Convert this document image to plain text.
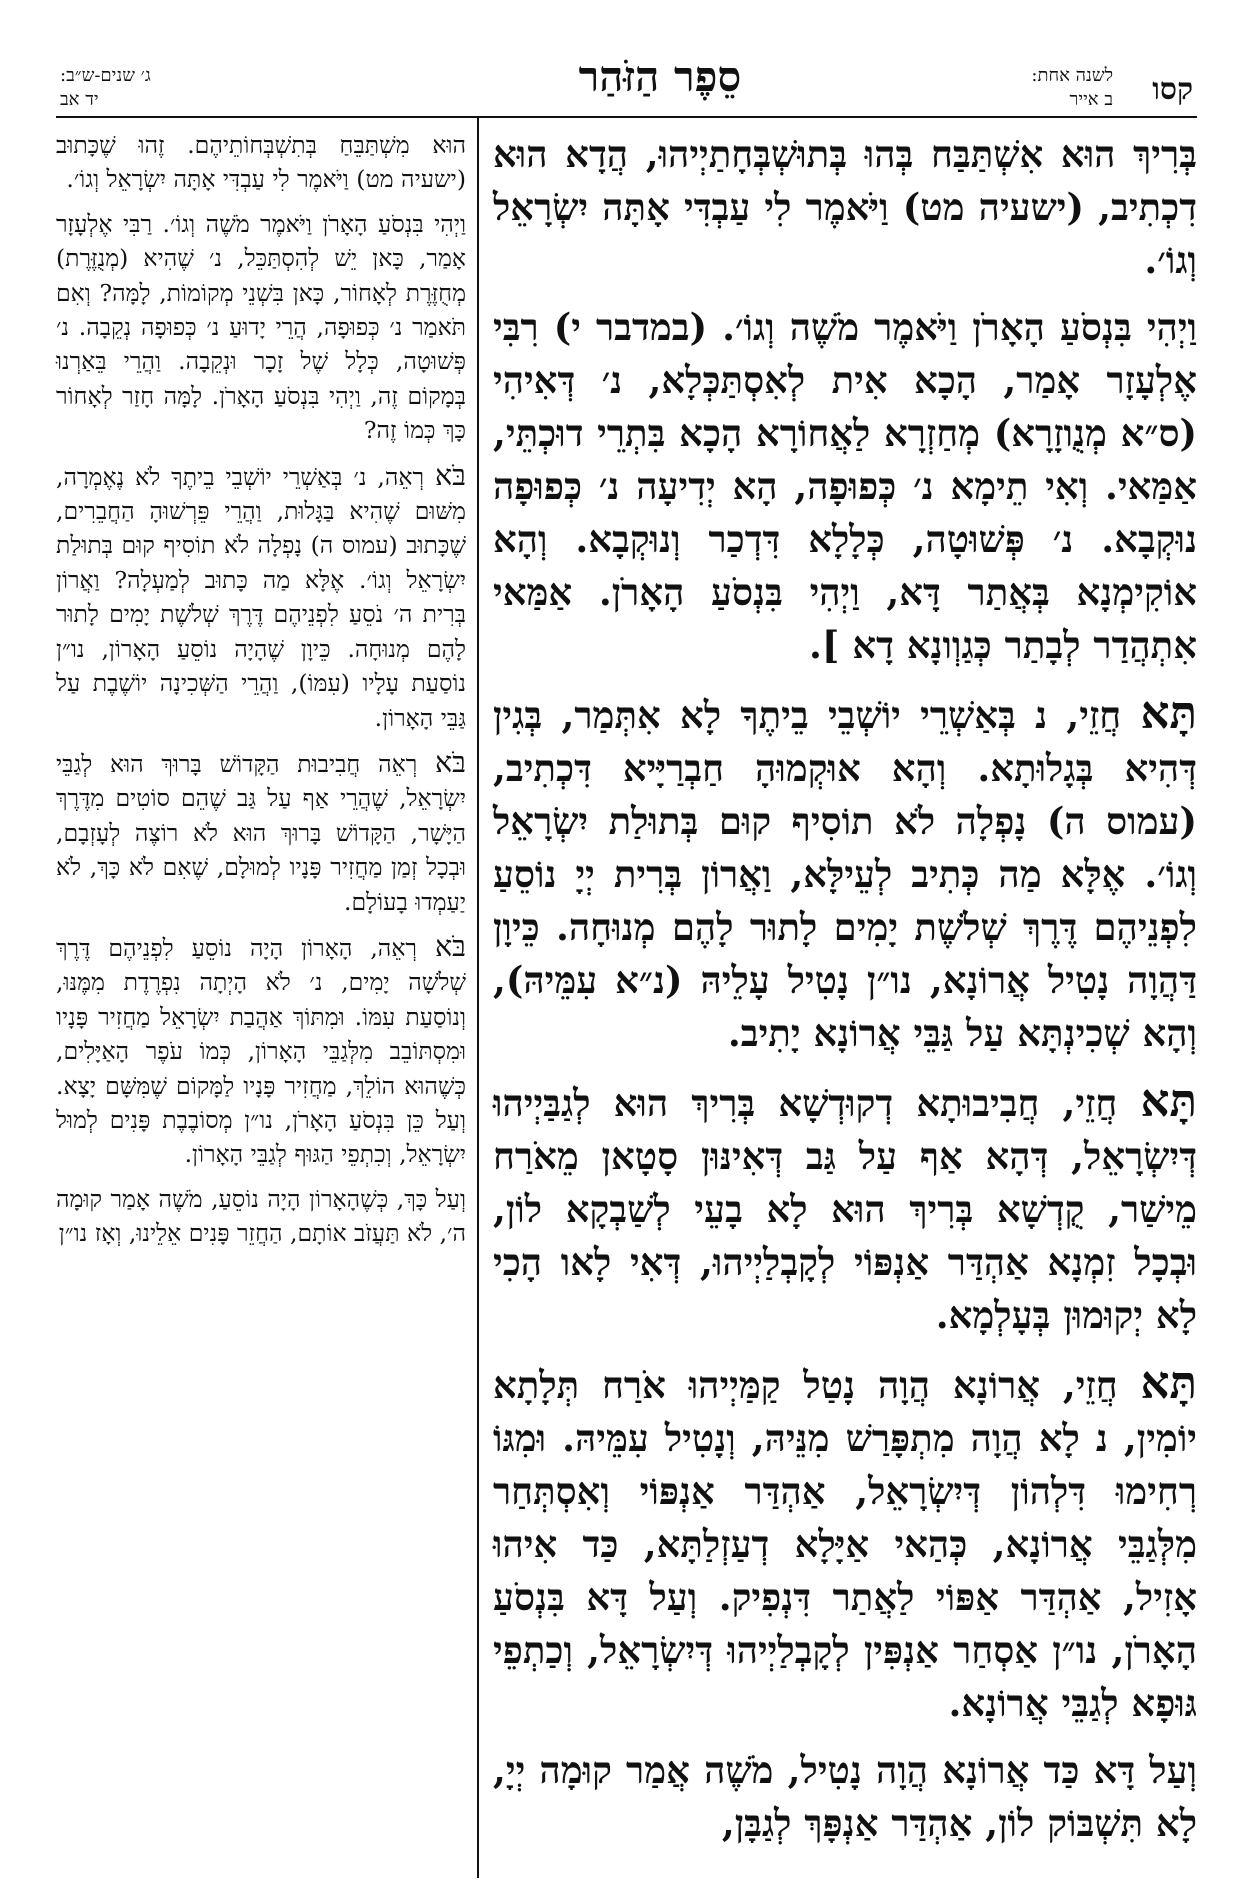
קסו
לשנה אחת:
ב אייר
סֵפֶר הַזֹּהַר
ג׳ שנים-ש״ב:
יד אב

בְּרִיךְ הוּא אִשְׁתַּבַּח בְּהוּ בְּתוּשְׁבְּחָתַיְיהוּ, הֲדָא הוּא דִכְתִיב, (ישעיה מט) וַיֹּאמֶר לִי עַבְדִּי אָתָּה יִשְׂרָאֵל וְגוֹ׳.

וַיְהִי בִּנְסֹעַ הָאָרֹן וַיֹּאמֶר מֹשֶׁה וְגוֹ׳. (במדבר י) רִבִּי אֶלְעָזָר אָמַר, הָכָא אִית לְאִסְתַּכְּלָא, נ׳ דְּאִיהִי (ס״א מְנֻוזָרָא) מְחַזְרָא לַאֲחוֹרָא הָכָא בִּתְרֵי דוּכְתֵּי, אַמַּאי. וְאִי תֵימָא נ׳ כְּפוּפָה, הָא יְדִיעָה נ׳ כְּפוּפָה נוּקְבָא. נ׳ פְּשׁוּטָה, כְּלָלָא דִּדְכַר וְנוּקְבָא. וְהָא אוֹקִימְנָא בְּאֲתַר דָּא, וַיְהִי בִּנְסֹעַ הָאָרֹן. אַמַּאי אִתְהֲדַר לְבָתַר כְּגַוְונָא דָא ].

תָּא חֲזֵי, נ בְּאַשְׁרֵי יוֹשְׁבֵי בֵיתֶךָ לָא אִתְּמַר, בְּגִין דְּהִיא בְּגָלוּתָא. וְהָא אוּקְמוּהָ חַבְרַיָּיא דִּכְתִיב, (עמוס ה) נָפְלָה לֹא תוֹסִיף קוּם בְּתוּלַת יִשְׂרָאֵל וְגוֹ׳. אֶלָּא מַה כְּתִיב לְעֵילָּא, וַאֲרוֹן בְּרִית יְיָ נוֹסֵעַ לִפְנֵיהֶם דֶּרֶךְ שְׁלֹשֶׁת יָמִים לָתוּר לָהֶם מְנוּחָה. כֵּיוָן דַּהֲוָה נָטִיל אֲרוֹנָא, נו״ן נָטִיל עָלֵיהּ (נ״א עִמֵּיהּ), וְהָא שְׁכִינְתָּא עַל גַּבֵּי אֲרוֹנָא יָתִיב.

תָּא חֲזֵי, חֲבִיבוּתָא דְקוּדְשָׁא בְּרִיךְ הוּא לְגַבַּיְיהוּ דְּיִשְׂרָאֵל, דְּהָא אַף עַל גַּב דְּאִינּוּן סָטָאן מֵאֹרַח מֵישַׁר, קֻדְשָׁא בְּרִיךְ הוּא לָא בָעֵי לְשַׁבְקָא לוֹן, וּבְכָל זִמְנָא אַהְדַּר אַנְפּוֹי לְקָבְלַיְיהוּ, דְּאִי לָאו הָכִי לָא יְקוּמוּן בְּעָלְמָא.

תָּא חֲזֵי, אֲרוֹנָא הֲוָה נָטַל קַמַּיְיהוּ אֹרַח תְּלָתָא יוֹמִין, נ לָא הֲוָה מִתְפָּרַשׁ מִנֵּיהּ, וְנָטִיל עִמֵּיהּ. וּמִגּוֹ רְחִימוּ דִּלְהוֹן דְּיִשְׂרָאֵל, אַהְדַּר אַנְפּוֹי וְאִסְתְּחַר מִלְּגַבֵּי אֲרוֹנָא, כְּהַאי אַיָּלָא דְעַזְלַתָּא, כַּד אִיהוּ אָזִיל, אַהְדַּר אַפּוֹי לַאֲתַר דִּנְפִיק. וְעַל דָּא בִּנְסֹעַ הָאָרֹן, נו״ן אַסְחַר אַנְפִּין לְקָבְלַיְיהוּ דְּיִשְׂרָאֵל, וְכַתְפֵי גּוּפָא לְגַבֵּי אֲרוֹנָא.

וְעַל דָּא כַּד אֲרוֹנָא הֲוָה נָטִיל, מֹשֶׁה אֲמַר קוּמָה יְיָ, לָא תִּשְׁבּוֹק לוֹן, אַהְדַּר אַנְפָּךְ לְגַבָּן,

הוּא מִשְׁתַּבֵּחַ בְּתִשְׁבְּחוֹתֵיהֶם. זֶהוּ שֶׁכָּתוּב (ישעיה מט) וַיֹּאמֶר לִי עַבְדִּי אָתָּה יִשְׂרָאֵל וְגוֹ׳.

וַיְהִי בִּנְסֹעַ הָאָרֹן וַיֹּאמֶר מֹשֶׁה וְגוֹ׳. רַבִּי אֶלְעָזָר אָמַר, כָּאן יֵשׁ לְהִסְתַּכֵּל, נ׳ שֶׁהִיא (מְנֻזֶּרֶת) מְחֻזֶּרֶת לְאָחוֹר, כָּאן בִּשְׁנֵי מְקוֹמוֹת, לָמָּה? וְאִם תֹּאמַר נ׳ כְּפוּפָה, הֲרֵי יָדוּעַ נ׳ כְּפוּפָה נְקֵבָה. נ׳ פְּשׁוּטָה, כְּלָל שֶׁל זָכָר וּנְקֵבָה. וַהֲרֵי בֵּאַרְנוּ בְּמָקוֹם זֶה, וַיְהִי בִּנְסֹעַ הָאָרֹן. לָמָּה חָזַר לְאָחוֹר כָּךְ כְּמוֹ זֶה?

בֹּא רְאֵה, נ׳ בְּאַשְׁרֵי יוֹשְׁבֵי בֵיתֶךָ לֹא נֶאֶמְרָה, מִשּׁוּם שֶׁהִיא בַּגָּלוּת, וַהֲרֵי פֵּרְשׁוּהָ הַחֲבֵרִים, שֶׁכָּתוּב (עמוס ה) נָפְלָה לֹא תוֹסִיף קוּם בְּתוּלַת יִשְׂרָאֵל וְגוֹ׳. אֶלָּא מַה כָּתוּב לְמַעְלָה? וַאֲרוֹן בְּרִית ה׳ נֹסֵעַ לִפְנֵיהֶם דֶּרֶךְ שְׁלֹשֶׁת יָמִים לָתוּר לָהֶם מְנוּחָה. כֵּיוָן שֶׁהָיָה נוֹסֵעַ הָאָרוֹן, נו״ן נוֹסַעַת עָלָיו (עִמּוֹ), וַהֲרֵי הַשְּׁכִינָה יוֹשֶׁבֶת עַל גַּבֵּי הָאָרוֹן.

בֹּא רְאֵה חֲבִיבוּת הַקָּדוֹשׁ בָּרוּךְ הוּא לְגַבֵּי יִשְׂרָאֵל, שֶׁהֲרֵי אַף עַל גַּב שֶׁהֵם סוֹטִים מִדֶּרֶךְ הַיָּשָׁר, הַקָּדוֹשׁ בָּרוּךְ הוּא לֹא רוֹצֶה לְעָזְבָם, וּבְכָל זְמַן מַחֲזִיר פָּנָיו לְמוּלָם, שֶׁאִם לֹא כָּךְ, לֹא יַעַמְדוּ בָעוֹלָם.

בֹּא רְאֵה, הָאָרוֹן הָיָה נוֹסֵעַ לִפְנֵיהֶם דֶּרֶךְ שְׁלֹשָׁה יָמִים, נ׳ לֹא הָיְתָה נִפְרֶדֶת מִמֶּנּוּ, וְנוֹסַעַת עִמּוֹ. וּמִתּוֹךְ אַהֲבַת יִשְׂרָאֵל מַחֲזִיר פָּנָיו וּמִסְתּוֹבֵב מִלְּגַבֵּי הָאָרוֹן, כְּמוֹ עֹפֶר הָאַיָּלִים, כְּשֶׁהוּא הוֹלֵךְ, מַחֲזִיר פָּנָיו לַמָּקוֹם שֶׁמִּשָּׁם יָצָא. וְעַל כֵּן בִּנְסֹעַ הָאָרֹן, נו״ן מְסוֹבֶבֶת פָּנִים לְמוּל יִשְׂרָאֵל, וְכִתְפֵי הַגּוּף לְגַבֵּי הָאָרוֹן.

וְעַל כָּךְ, כְּשֶׁהָאָרוֹן הָיָה נוֹסֵעַ, מֹשֶׁה אָמַר קוּמָה ה׳, לֹא תַּעֲזֹב אוֹתָם, הַחֲזֵר פָּנִים אֵלֵינוּ, וְאָז נו״ן
